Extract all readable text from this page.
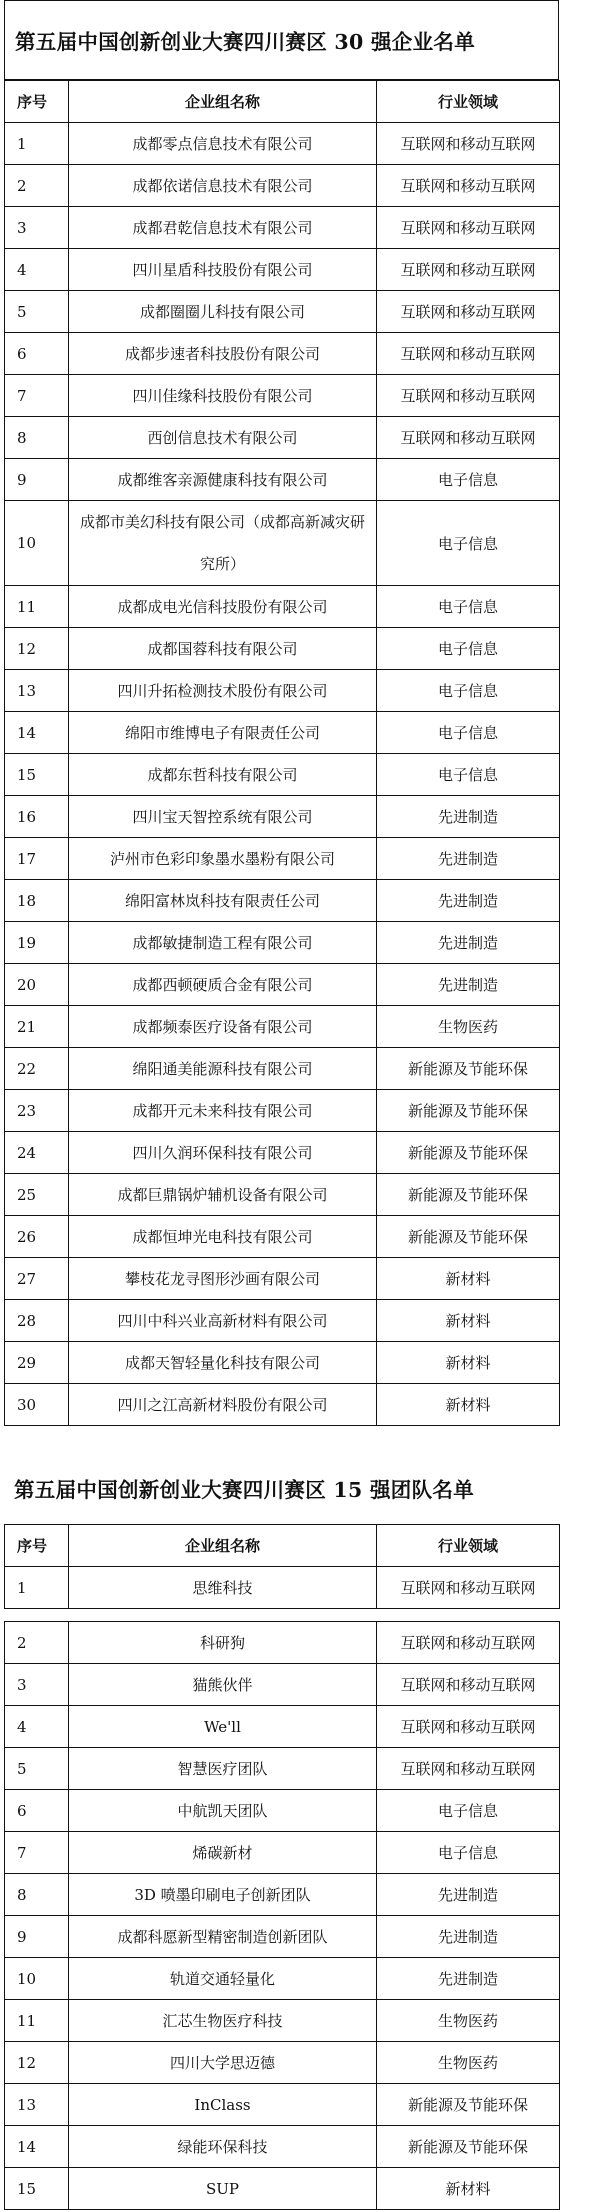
第五届中国创新创业大赛四川赛区 30 强企业名单
序号	企业组名称	行业领域
1	成都零点信息技术有限公司	互联网和移动互联网
2	成都依诺信息技术有限公司	互联网和移动互联网
3	成都君乾信息技术有限公司	互联网和移动互联网
4	四川星盾科技股份有限公司	互联网和移动互联网
5	成都圈圈儿科技有限公司	互联网和移动互联网
6	成都步速者科技股份有限公司	互联网和移动互联网
7	四川佳缘科技股份有限公司	互联网和移动互联网
8	西创信息技术有限公司	互联网和移动互联网
9	成都维客亲源健康科技有限公司	电子信息
10	成都市美幻科技有限公司（成都高新减灾研究所）	电子信息
11	成都成电光信科技股份有限公司	电子信息
12	成都国蓉科技有限公司	电子信息
13	四川升拓检测技术股份有限公司	电子信息
14	绵阳市维博电子有限责任公司	电子信息
15	成都东哲科技有限公司	电子信息
16	四川宝天智控系统有限公司	先进制造
17	泸州市色彩印象墨水墨粉有限公司	先进制造
18	绵阳富林岚科技有限责任公司	先进制造
19	成都敏捷制造工程有限公司	先进制造
20	成都西顿硬质合金有限公司	先进制造
21	成都频泰医疗设备有限公司	生物医药
22	绵阳通美能源科技有限公司	新能源及节能环保
23	成都开元未来科技有限公司	新能源及节能环保
24	四川久润环保科技有限公司	新能源及节能环保
25	成都巨鼎锅炉辅机设备有限公司	新能源及节能环保
26	成都恒坤光电科技有限公司	新能源及节能环保
27	攀枝花龙寻图形沙画有限公司	新材料
28	四川中科兴业高新材料有限公司	新材料
29	成都天智轻量化科技有限公司	新材料
30	四川之江高新材料股份有限公司	新材料
第五届中国创新创业大赛四川赛区 15 强团队名单
序号	企业组名称	行业领域
1	思维科技	互联网和移动互联网
2	科研狗	互联网和移动互联网
3	猫熊伙伴	互联网和移动互联网
4	We'll	互联网和移动互联网
5	智慧医疗团队	互联网和移动互联网
6	中航凯天团队	电子信息
7	烯碳新材	电子信息
8	3D 喷墨印刷电子创新团队	先进制造
9	成都科愿新型精密制造创新团队	先进制造
10	轨道交通轻量化	先进制造
11	汇芯生物医疗科技	生物医药
12	四川大学思迈德	生物医药
13	InClass	新能源及节能环保
14	绿能环保科技	新能源及节能环保
15	SUP	新材料
